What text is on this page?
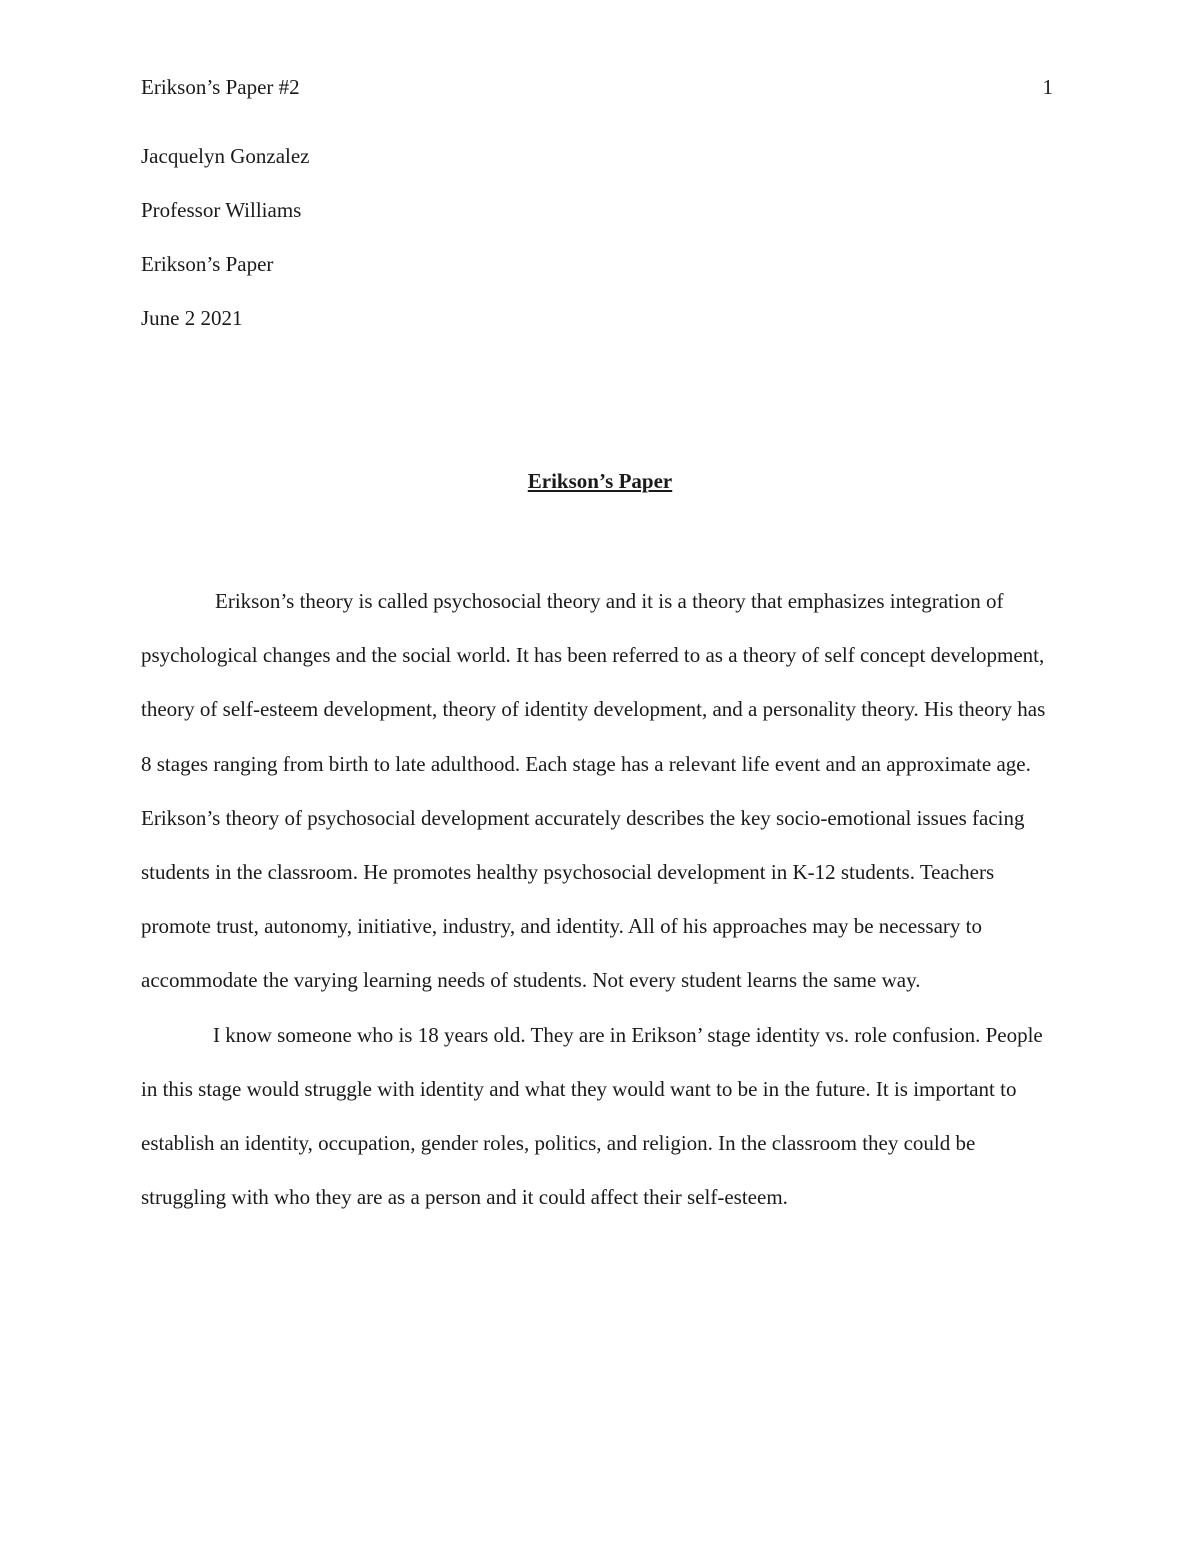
Erikson’s Paper #2	1
Jacquelyn Gonzalez
Professor Williams
Erikson’s Paper
June 2 2021
Erikson’s Paper

Erikson’s theory is called psychosocial theory and it is a theory that emphasizes integration of psychological changes and the social world. It has been referred to as a theory of self concept development, theory of self-esteem development, theory of identity development, and a personality theory. His theory has 8 stages ranging from birth to late adulthood. Each stage has a relevant life event and an approximate age. Erikson’s theory of psychosocial development accurately describes the key socio-emotional issues facing students in the classroom. He promotes healthy psychosocial development in K-12 students. Teachers promote trust, autonomy, initiative, industry, and identity. All of his approaches may be necessary to accommodate the varying learning needs of students. Not every student learns the same way.

I know someone who is 18 years old. They are in Erikson’ stage identity vs. role confusion. People in this stage would struggle with identity and what they would want to be in the future. It is important to establish an identity, occupation, gender roles, politics, and religion. In the classroom they could be struggling with who they are as a person and it could affect their self-esteem.
